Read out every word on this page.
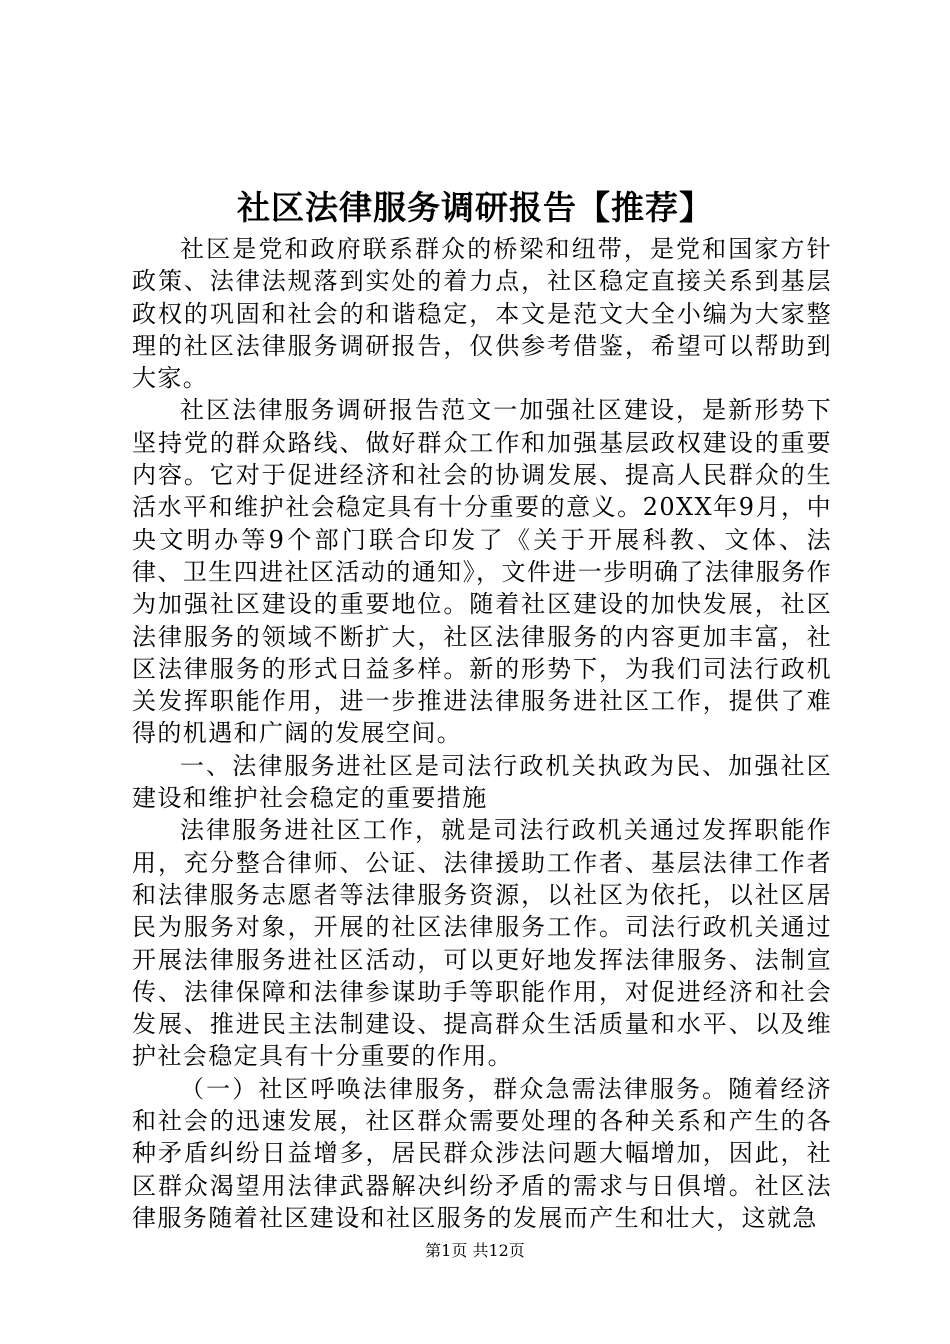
社区法律服务调研报告【推荐】

社区是党和政府联系群众的桥梁和纽带，是党和国家方针政策、法律法规落到实处的着力点，社区稳定直接关系到基层政权的巩固和社会的和谐稳定，本文是范文大全小编为大家整理的社区法律服务调研报告，仅供参考借鉴，希望可以帮助到大家。

社区法律服务调研报告范文一加强社区建设，是新形势下坚持党的群众路线、做好群众工作和加强基层政权建设的重要内容。它对于促进经济和社会的协调发展、提高人民群众的生活水平和维护社会稳定具有十分重要的意义。20XX年9月，中央文明办等9个部门联合印发了《关于开展科教、文体、法律、卫生四进社区活动的通知》，文件进一步明确了法律服务作为加强社区建设的重要地位。随着社区建设的加快发展，社区法律服务的领域不断扩大，社区法律服务的内容更加丰富，社区法律服务的形式日益多样。新的形势下，为我们司法行政机关发挥职能作用，进一步推进法律服务进社区工作，提供了难得的机遇和广阔的发展空间。

一、法律服务进社区是司法行政机关执政为民、加强社区建设和维护社会稳定的重要措施

法律服务进社区工作，就是司法行政机关通过发挥职能作用，充分整合律师、公证、法律援助工作者、基层法律工作者和法律服务志愿者等法律服务资源，以社区为依托，以社区居民为服务对象，开展的社区法律服务工作。司法行政机关通过开展法律服务进社区活动，可以更好地发挥法律服务、法制宣传、法律保障和法律参谋助手等职能作用，对促进经济和社会发展、推进民主法制建设、提高群众生活质量和水平、以及维护社会稳定具有十分重要的作用。

（一）社区呼唤法律服务，群众急需法律服务。随着经济和社会的迅速发展，社区群众需要处理的各种关系和产生的各种矛盾纠纷日益增多，居民群众涉法问题大幅增加，因此，社区群众渴望用法律武器解决纠纷矛盾的需求与日俱增。社区法律服务随着社区建设和社区服务的发展而产生和壮大，这就急

第1页 共12页
